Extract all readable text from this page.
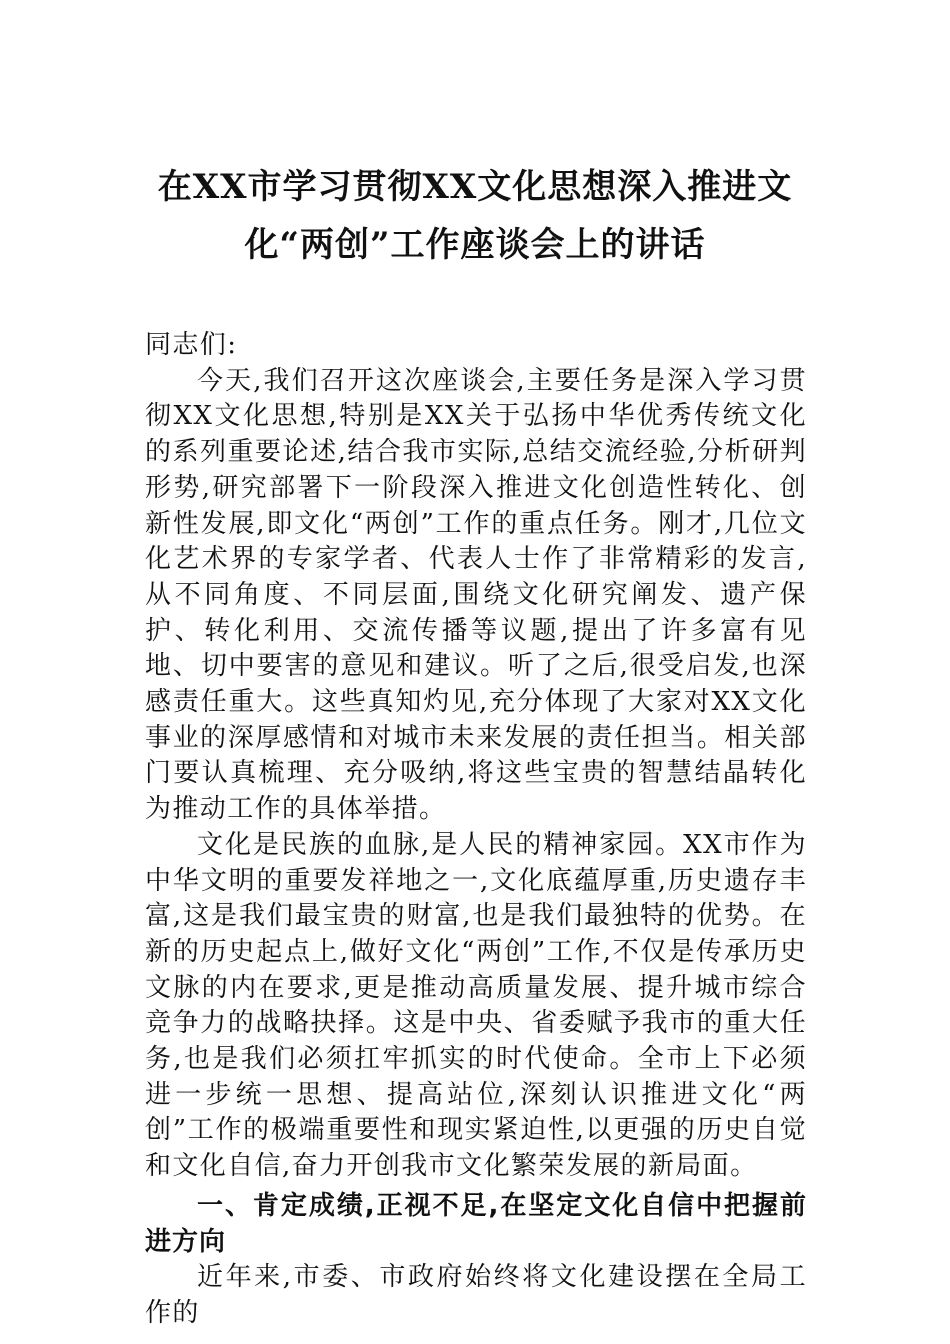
在XX市学习贯彻XX文化思想深入推进文
化“两创”工作座谈会上的讲话

同志们:

今天,我们召开这次座谈会,主要任务是深入学习贯彻XX文化思想,特别是XX关于弘扬中华优秀传统文化的系列重要论述,结合我市实际,总结交流经验,分析研判形势,研究部署下一阶段深入推进文化创造性转化、创新性发展,即文化“两创”工作的重点任务。刚才,几位文化艺术界的专家学者、代表人士作了非常精彩的发言,从不同角度、不同层面,围绕文化研究阐发、遗产保护、转化利用、交流传播等议题,提出了许多富有见地、切中要害的意见和建议。听了之后,很受启发,也深感责任重大。这些真知灼见,充分体现了大家对XX文化事业的深厚感情和对城市未来发展的责任担当。相关部门要认真梳理、充分吸纳,将这些宝贵的智慧结晶转化为推动工作的具体举措。

文化是民族的血脉,是人民的精神家园。XX市作为中华文明的重要发祥地之一,文化底蕴厚重,历史遗存丰富,这是我们最宝贵的财富,也是我们最独特的优势。在新的历史起点上,做好文化“两创”工作,不仅是传承历史文脉的内在要求,更是推动高质量发展、提升城市综合竞争力的战略抉择。这是中央、省委赋予我市的重大任务,也是我们必须扛牢抓实的时代使命。全市上下必须进一步统一思想、提高站位,深刻认识推进文化“两创”工作的极端重要性和现实紧迫性,以更强的历史自觉和文化自信,奋力开创我市文化繁荣发展的新局面。

一、肯定成绩,正视不足,在坚定文化自信中把握前进方向

近年来,市委、市政府始终将文化建设摆在全局工作的
